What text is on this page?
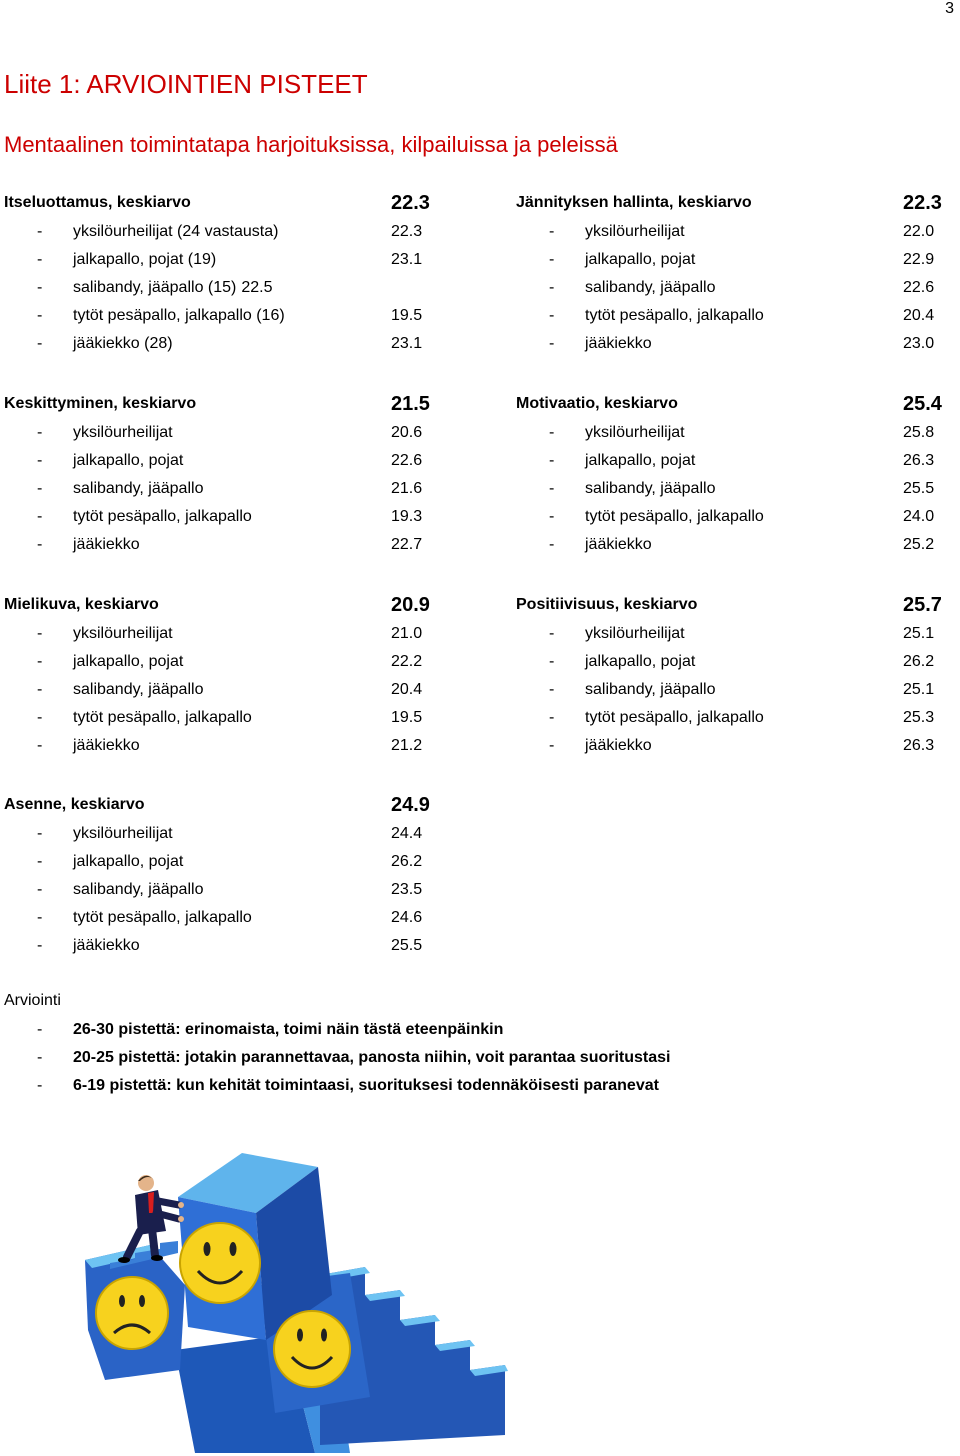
3
Liite 1: ARVIOINTIEN PISTEET
Mentaalinen toimintatapa harjoituksissa, kilpailuissa ja peleissä
Itseluottamus, keskiarvo	22.3
- yksilöurheilijat (24 vastausta)	22.3
- jalkapallo, pojat (19)	23.1
- salibandy, jääpallo (15) 22.5
- tytöt pesäpallo, jalkapallo (16)	19.5
- jääkiekko (28)	23.1
Jännityksen hallinta, keskiarvo	22.3
- yksilöurheilijat	22.0
- jalkapallo, pojat	22.9
- salibandy, jääpallo	22.6
- tytöt pesäpallo, jalkapallo	20.4
- jääkiekko	23.0
Keskittyminen, keskiarvo	21.5
- yksilöurheilijat	20.6
- jalkapallo, pojat	22.6
- salibandy, jääpallo	21.6
- tytöt pesäpallo, jalkapallo	19.3
- jääkiekko	22.7
Motivaatio, keskiarvo	25.4
- yksilöurheilijat	25.8
- jalkapallo, pojat	26.3
- salibandy, jääpallo	25.5
- tytöt pesäpallo, jalkapallo	24.0
- jääkiekko	25.2
Mielikuva, keskiarvo	20.9
- yksilöurheilijat	21.0
- jalkapallo, pojat	22.2
- salibandy, jääpallo	20.4
- tytöt pesäpallo, jalkapallo	19.5
- jääkiekko	21.2
Positiivisuus, keskiarvo	25.7
- yksilöurheilijat	25.1
- jalkapallo, pojat	26.2
- salibandy, jääpallo	25.1
- tytöt pesäpallo, jalkapallo	25.3
- jääkiekko	26.3
Asenne, keskiarvo	24.9
- yksilöurheilijat	24.4
- jalkapallo, pojat	26.2
- salibandy, jääpallo	23.5
- tytöt pesäpallo, jalkapallo	24.6
- jääkiekko	25.5
Arviointi
- 26-30 pistettä: erinomaista, toimi näin tästä eteenpäinkin
- 20-25 pistettä: jotakin parannettavaa, panosta niihin, voit parantaa suoritustasi
- 6-19 pistettä: kun kehität toimintaasi, suorituksesi todennäköisesti paranevat
